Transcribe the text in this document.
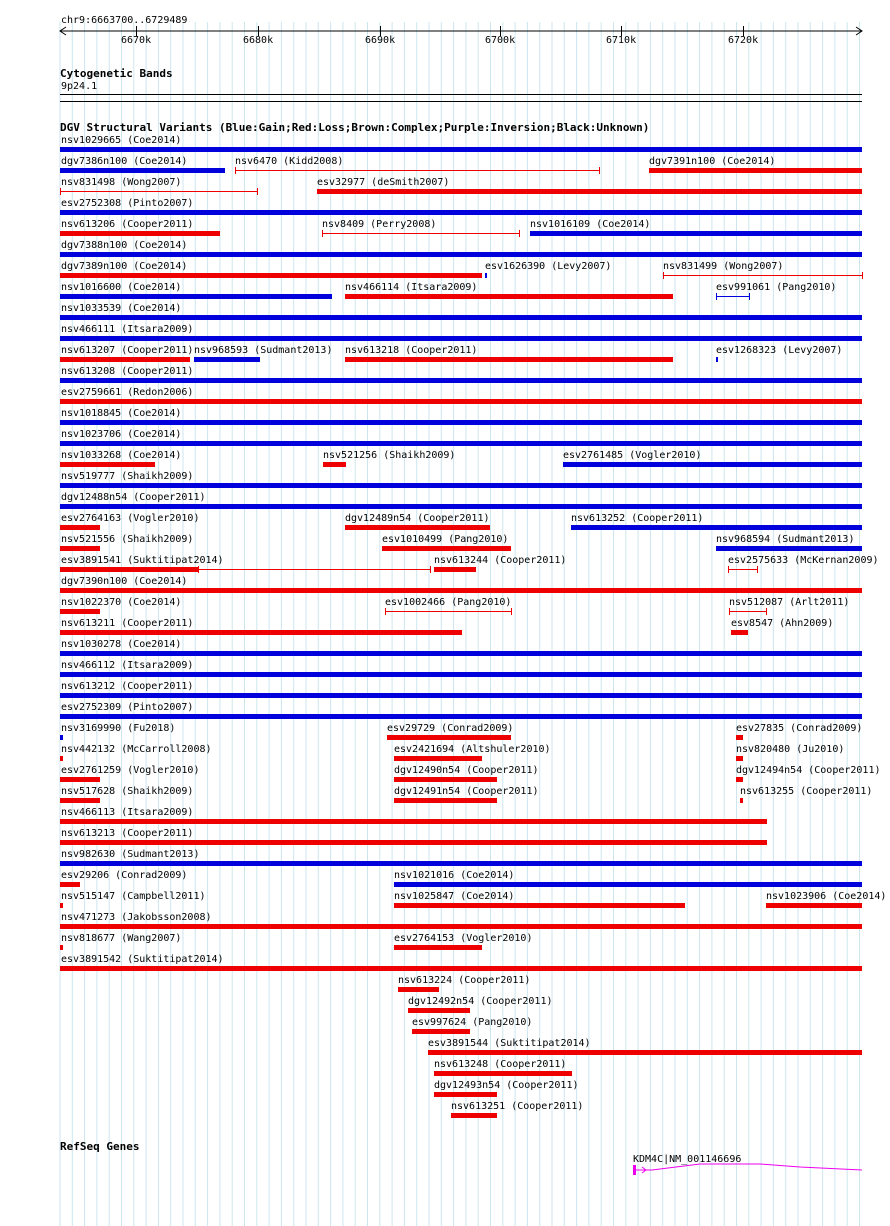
chr9:6663700..6729489
6670k	6680k	6690k	6700k	6710k	6720k
Cytogenetic Bands
9p24.1
DGV Structural Variants (Blue:Gain;Red:Loss;Brown:Complex;Purple:Inversion;Black:Unknown)
nsv1029665 (Coe2014)
dgv7386n100 (Coe2014)	nsv6470 (Kidd2008)	dgv7391n100 (Coe2014)
nsv831498 (Wong2007)	esv32977 (deSmith2007)
esv2752308 (Pinto2007)
nsv613206 (Cooper2011)	nsv8409 (Perry2008)	nsv1016109 (Coe2014)
dgv7388n100 (Coe2014)
dgv7389n100 (Coe2014)	esv1626390 (Levy2007)	nsv831499 (Wong2007)
nsv1016600 (Coe2014)	nsv466114 (Itsara2009)	esv991061 (Pang2010)
nsv1033539 (Coe2014)
nsv466111 (Itsara2009)
nsv613207 (Cooper2011) nsv968593 (Sudmant2013) nsv613218 (Cooper2011)	esv1268323 (Levy2007)
nsv613208 (Cooper2011)
esv2759661 (Redon2006)
nsv1018845 (Coe2014)
nsv1023706 (Coe2014)
nsv1033268 (Coe2014)	nsv521256 (Shaikh2009)	esv2761485 (Vogler2010)
nsv519777 (Shaikh2009)
dgv12488n54 (Cooper2011)
esv2764163 (Vogler2010)	dgv12489n54 (Cooper2011)	nsv613252 (Cooper2011)
nsv521556 (Shaikh2009)	esv1010499 (Pang2010)	nsv968594 (Sudmant2013)
esv3891541 (Suktitipat2014)	nsv613244 (Cooper2011)	esv2575633 (McKernan2009)
dgv7390n100 (Coe2014)
nsv1022370 (Coe2014)	esv1002466 (Pang2010)	nsv512087 (Arlt2011)
nsv613211 (Cooper2011)	esv8547 (Ahn2009)
nsv1030278 (Coe2014)
nsv466112 (Itsara2009)
nsv613212 (Cooper2011)
esv2752309 (Pinto2007)
nsv3169990 (Fu2018)	esv29729 (Conrad2009)	esv27835 (Conrad2009)
nsv442132 (McCarroll2008)	esv2421694 (Altshuler2010)	nsv820480 (Ju2010)
esv2761259 (Vogler2010)	dgv12490n54 (Cooper2011)	dgv12494n54 (Cooper2011)
nsv517628 (Shaikh2009)	dgv12491n54 (Cooper2011)	nsv613255 (Cooper2011)
nsv466113 (Itsara2009)
nsv613213 (Cooper2011)
nsv982630 (Sudmant2013)
esv29206 (Conrad2009)	nsv1021016 (Coe2014)
nsv515147 (Campbell2011)	nsv1025847 (Coe2014)	nsv1023906 (Coe2014)
nsv471273 (Jakobsson2008)
nsv818677 (Wang2007)	esv2764153 (Vogler2010)
esv3891542 (Suktitipat2014)
nsv613224 (Cooper2011)
dgv12492n54 (Cooper2011)
esv997624 (Pang2010)
esv3891544 (Suktitipat2014)
nsv613248 (Cooper2011)
dgv12493n54 (Cooper2011)
nsv613251 (Cooper2011)
RefSeq Genes
KDM4C|NM_001146696
